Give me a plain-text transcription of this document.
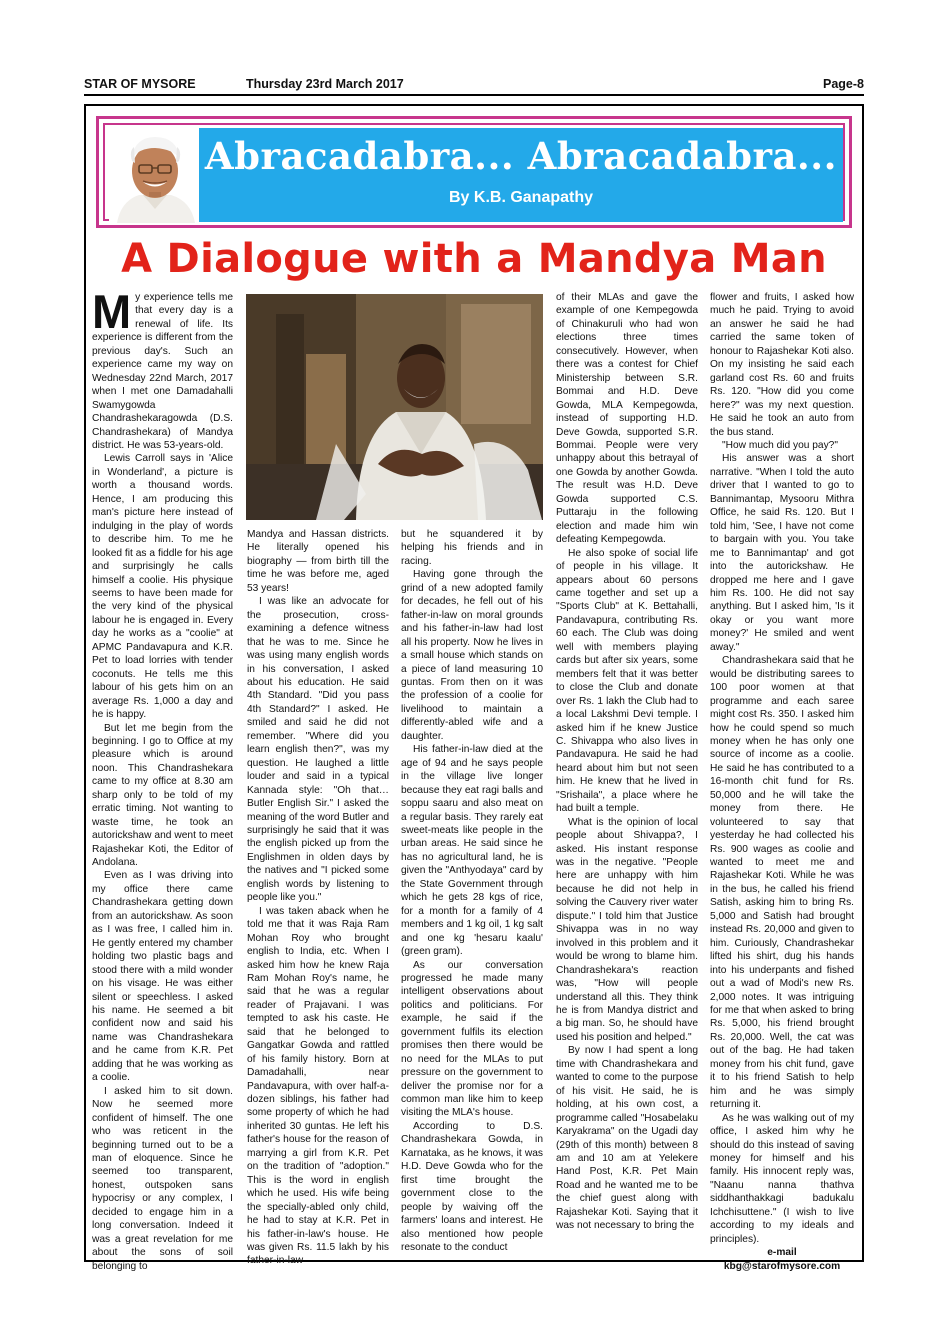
STAR OF MYSORE	Thursday 23rd March 2017	Page-8
Abracadabra... Abracadabra...
By K.B. Ganapathy
A Dialogue with a Mandya Man

My experience tells me that every day is a renewal of life. Its experience is different from the previous day's. Such an experience came my way on Wednesday 22nd March, 2017 when I met one Damadahalli Swamygowda Chandrashekaragowda (D.S. Chandrashekara) of Mandya district. He was 53-years-old.

Lewis Carroll says in 'Alice in Wonderland', a picture is worth a thousand words. Hence, I am producing this man's picture here instead of indulging in the play of words to describe him. To me he looked fit as a fiddle for his age and surprisingly he calls himself a coolie. His physique seems to have been made for the very kind of the physical labour he is engaged in. Every day he works as a "coolie" at APMC Pandavapura and K.R. Pet to load lorries with tender coconuts. He tells me this labour of his gets him on an average Rs. 1,000 a day and he is happy.

But let me begin from the beginning. I go to Office at my pleasure which is around noon. This Chandrashekara came to my office at 8.30 am sharp only to be told of my erratic timing. Not wanting to waste time, he took an autorickshaw and went to meet Rajashekar Koti, the Editor of Andolana.

Even as I was driving into my office there came Chandrashekara getting down from an autorickshaw. As soon as I was free, I called him in. He gently entered my chamber holding two plastic bags and stood there with a mild wonder on his visage. He was either silent or speechless. I asked his name. He seemed a bit confident now and said his name was Chandrashekara and he came from K.R. Pet adding that he was working as a coolie.

I asked him to sit down. Now he seemed more confident of himself. The one who was reticent in the beginning turned out to be a man of eloquence. Since he seemed too transparent, honest, outspoken sans hypocrisy or any complex, I decided to engage him in a long conversation. Indeed it was a great revelation for me about the sons of soil belonging to

Mandya and Hassan districts. He literally opened his biography — from birth till the time he was before me, aged 53 years!

I was like an advocate for the prosecution, cross-examining a defence witness that he was to me. Since he was using many english words in his conversation, I asked about his education. He said 4th Standard. "Did you pass 4th Standard?" I asked. He smiled and said he did not remember. "Where did you learn english then?", was my question. He laughed a little louder and said in a typical Kannada style: "Oh that… Butler English Sir." I asked the meaning of the word Butler and surprisingly he said that it was the english picked up from the Englishmen in olden days by the natives and "I picked some english words by listening to people like you."

I was taken aback when he told me that it was Raja Ram Mohan Roy who brought english to India, etc. When I asked him how he knew Raja Ram Mohan Roy's name, he said that he was a regular reader of Prajavani. I was tempted to ask his caste. He said that he belonged to Gangatkar Gowda and rattled of his family history. Born at Damadahalli, near Pandavapura, with over half-a-dozen siblings, his father had some property of which he had inherited 30 guntas. He left his father's house for the reason of marrying a girl from K.R. Pet on the tradition of "adoption." This is the word in english which he used. His wife being the specially-abled only child, he had to stay at K.R. Pet in his father-in-law's house. He was given Rs. 11.5 lakh by his father-in-law

but he squandered it by helping his friends and in racing.

Having gone through the grind of a new adopted family for decades, he fell out of his father-in-law on moral grounds and his father-in-law had lost all his property. Now he lives in a small house which stands on a piece of land measuring 10 guntas. From then on it was the profession of a coolie for livelihood to maintain a differently-abled wife and a daughter.

His father-in-law died at the age of 94 and he says people in the village live longer because they eat ragi balls and soppu saaru and also meat on a regular basis. They rarely eat sweet-meats like people in the urban areas. He said since he has no agricultural land, he is given the "Anthyodaya" card by the State Government through which he gets 28 kgs of rice, for a month for a family of 4 members and 1 kg oil, 1 kg salt and one kg 'hesaru kaalu' (green gram).

As our conversation progressed he made many intelligent observations about politics and politicians. For example, he said if the government fulfils its election promises then there would be no need for the MLAs to put pressure on the government to deliver the promise nor for a common man like him to keep visiting the MLA's house.

According to D.S. Chandrashekara Gowda, in Karnataka, as he knows, it was H.D. Deve Gowda who for the first time brought the government close to the people by waiving off the farmers' loans and interest. He also mentioned how people resonate to the conduct

of their MLAs and gave the example of one Kempegowda of Chinakuruli who had won elections three times consecutively. However, when there was a contest for Chief Ministership between S.R. Bommai and H.D. Deve Gowda, MLA Kempegowda, instead of supporting H.D. Deve Gowda, supported S.R. Bommai. People were very unhappy about this betrayal of one Gowda by another Gowda. The result was H.D. Deve Gowda supported C.S. Puttaraju in the following election and made him win defeating Kempegowda.

He also spoke of social life of people in his village. It appears about 60 persons came together and set up a "Sports Club" at K. Bettahalli, Pandavapura, contributing Rs. 60 each. The Club was doing well with members playing cards but after six years, some members felt that it was better to close the Club and donate over Rs. 1 lakh the Club had to a local Lakshmi Devi temple. I asked him if he knew Justice C. Shivappa who also lives in Pandavapura. He said he had heard about him but not seen him. He knew that he lived in "Srishaila", a place where he had built a temple.

What is the opinion of local people about Shivappa?, I asked. His instant response was in the negative. "People here are unhappy with him because he did not help in solving the Cauvery river water dispute." I told him that Justice Shivappa was in no way involved in this problem and it would be wrong to blame him. Chandrashekara's reaction was, "How will people understand all this. They think he is from Mandya district and a big man. So, he should have used his position and helped."

By now I had spent a long time with Chandrashekara and wanted to come to the purpose of his visit. He said, he is holding, at his own cost, a programme called "Hosabelaku Karyakrama" on the Ugadi day (29th of this month) between 8 am and 10 am at Yelekere Hand Post, K.R. Pet Main Road and he wanted me to be the chief guest along with Rajashekar Koti. Saying that it was not necessary to bring the

flower and fruits, I asked how much he paid. Trying to avoid an answer he said he had carried the same token of honour to Rajashekar Koti also. On my insisting he said each garland cost Rs. 60 and fruits Rs. 120. "How did you come here?" was my next question. He said he took an auto from the bus stand.

"How much did you pay?"

His answer was a short narrative. "When I told the auto driver that I wanted to go to Bannimantap, Mysooru Mithra Office, he said Rs. 120. But I told him, 'See, I have not come to bargain with you. You take me to Bannimantap' and got into the autorickshaw. He dropped me here and I gave him Rs. 100. He did not say anything. But I asked him, 'Is it okay or you want more money?' He smiled and went away."

Chandrashekara said that he would be distributing sarees to 100 poor women at that programme and each saree might cost Rs. 350. I asked him how he could spend so much money when he has only one source of income as a coolie. He said he has contributed to a 16-month chit fund for Rs. 50,000 and he will take the money from there. He volunteered to say that yesterday he had collected his Rs. 900 wages as coolie and wanted to meet me and Rajashekar Koti. While he was in the bus, he called his friend Satish, asking him to bring Rs. 5,000 and Satish had brought instead Rs. 20,000 and given to him. Curiously, Chandrashekar lifted his shirt, dug his hands into his underpants and fished out a wad of Modi's new Rs. 2,000 notes. It was intriguing for me that when asked to bring Rs. 5,000, his friend brought Rs. 20,000. Well, the cat was out of the bag. He had taken money from his chit fund, gave it to his friend Satish to help him and he was simply returning it.

As he was walking out of my office, I asked him why he should do this instead of saving money for himself and his family. His innocent reply was, "Naanu nanna thathva siddhanthakkagi badukalu Ichchisuttene." (I wish to live according to my ideals and principles).

e-mail
kbg@starofmysore.com
